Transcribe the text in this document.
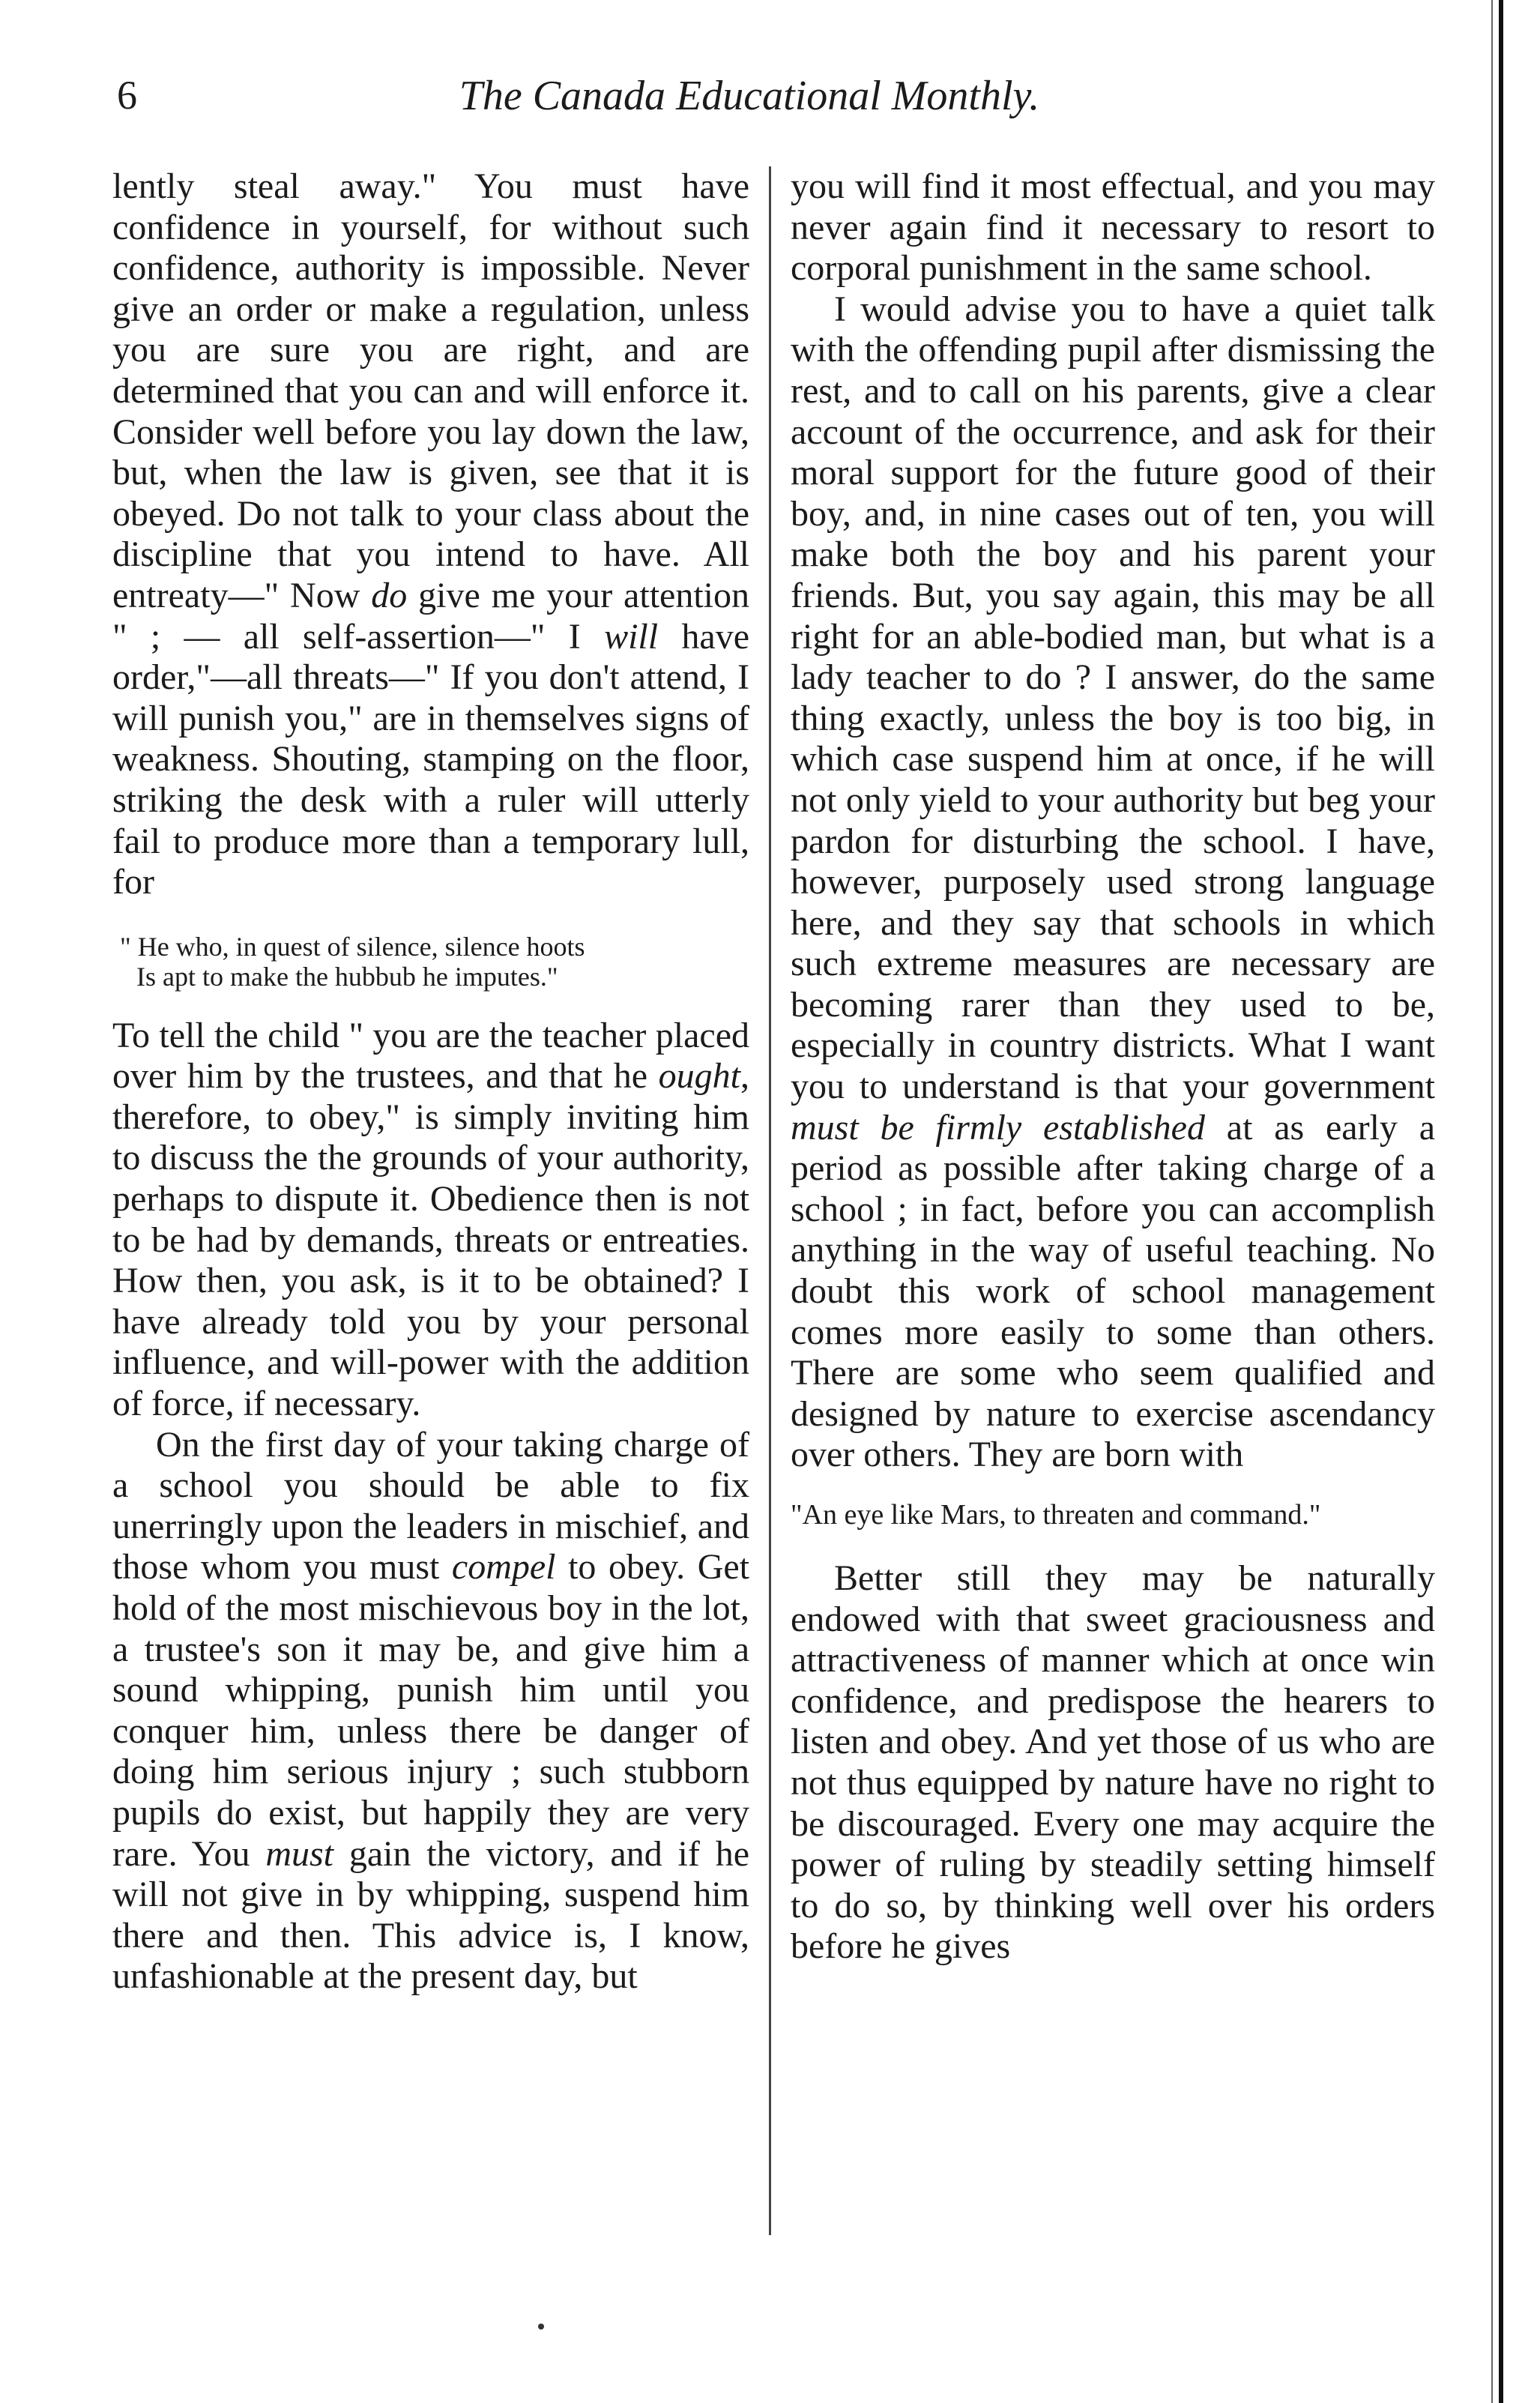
6	The Canada Educational Monthly.

lently steal away." You must have confidence in yourself, for without such confidence, authority is impossible. Never give an order or make a regulation, unless you are sure you are right, and are determined that you can and will enforce it. Consider well before you lay down the law, but, when the law is given, see that it is obeyed. Do not talk to your class about the discipline that you intend to have. All entreaty—" Now do give me your attention " ; — all self-assertion—" I will have order,"—all threats—" If you don't attend, I will punish you," are in themselves signs of weakness. Shouting, stamping on the floor, striking the desk with a ruler will utterly fail to produce more than a temporary lull, for

" He who, in quest of silence, silence hoots
Is apt to make the hubbub he imputes."

To tell the child " you are the teacher placed over him by the trustees, and that he ought, therefore, to obey," is simply inviting him to discuss the the grounds of your authority, perhaps to dispute it. Obedience then is not to be had by demands, threats or entreaties. How then, you ask, is it to be obtained? I have already told you by your personal influence, and will-power with the addition of force, if necessary.

On the first day of your taking charge of a school you should be able to fix unerringly upon the leaders in mischief, and those whom you must compel to obey. Get hold of the most mischievous boy in the lot, a trustee's son it may be, and give him a sound whipping, punish him until you conquer him, unless there be danger of doing him serious injury ; such stubborn pupils do exist, but happily they are very rare. You must gain the victory, and if he will not give in by whipping, suspend him there and then. This advice is, I know, unfashionable at the present day, but

you will find it most effectual, and you may never again find it necessary to resort to corporal punishment in the same school.

I would advise you to have a quiet talk with the offending pupil after dismissing the rest, and to call on his parents, give a clear account of the occurrence, and ask for their moral support for the future good of their boy, and, in nine cases out of ten, you will make both the boy and his parent your friends. But, you say again, this may be all right for an able-bodied man, but what is a lady teacher to do ? I answer, do the same thing exactly, unless the boy is too big, in which case suspend him at once, if he will not only yield to your authority but beg your pardon for disturbing the school. I have, however, purposely used strong language here, and they say that schools in which such extreme measures are necessary are becoming rarer than they used to be, especially in country districts. What I want you to understand is that your government must be firmly established at as early a period as possible after taking charge of a school ; in fact, before you can accomplish anything in the way of useful teaching. No doubt this work of school management comes more easily to some than others. There are some who seem qualified and designed by nature to exercise ascendancy over others. They are born with

"An eye like Mars, to threaten and command."

Better still they may be naturally endowed with that sweet graciousness and attractiveness of manner which at once win confidence, and predispose the hearers to listen and obey. And yet those of us who are not thus equipped by nature have no right to be discouraged. Every one may acquire the power of ruling by steadily setting himself to do so, by thinking well over his orders before he gives
